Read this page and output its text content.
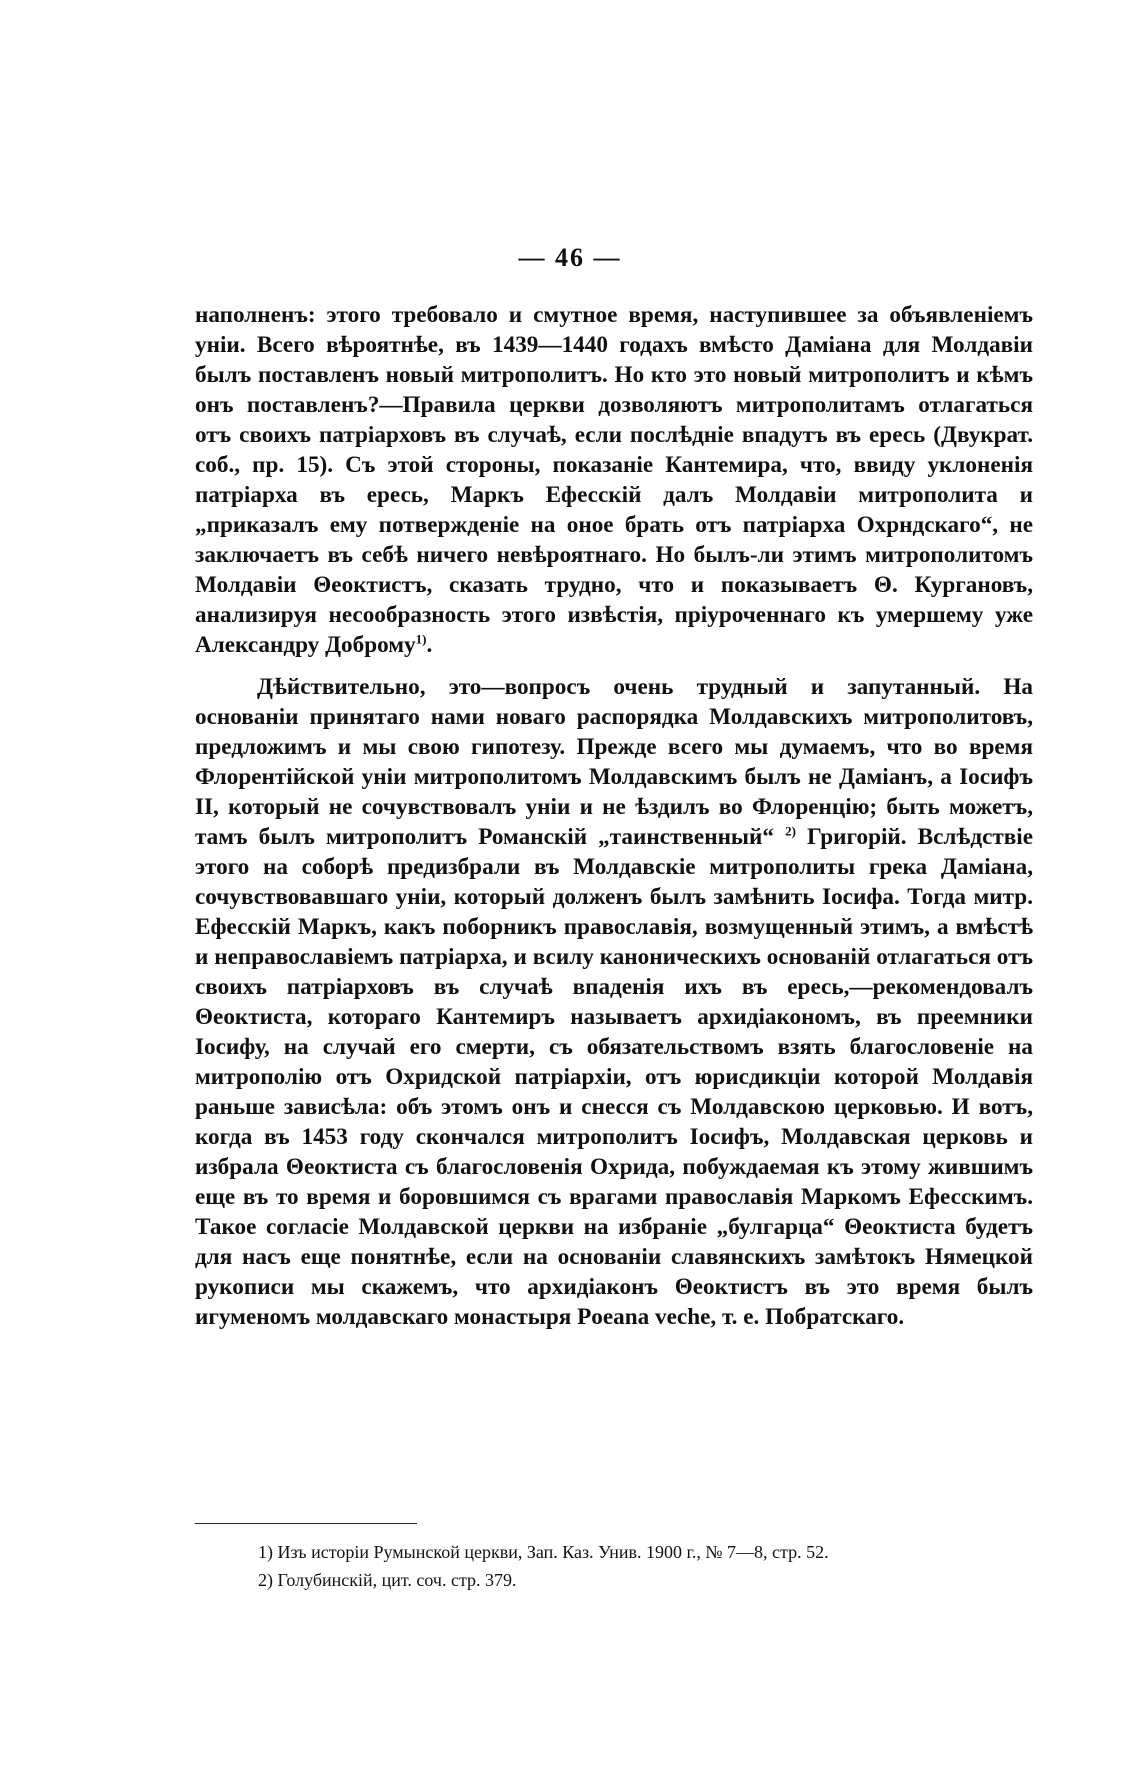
— 46 —

наполненъ: этого требовало и смутное время, наступившее за объявленіемъ уніи. Всего вѣроятнѣе, въ 1439—1440 годахъ вмѣсто Даміана для Молдавіи былъ поставленъ новый митрополитъ. Но кто это новый митрополитъ и кѣмъ онъ поставленъ?—Правила церкви дозволяютъ митрополитамъ отлагаться отъ своихъ патріарховъ въ случаѣ, если послѣдніе впадутъ въ ересь (Двукрат. соб., пр. 15). Съ этой стороны, показаніе Кантемира, что, ввиду уклоненія патріарха въ ересь, Маркъ Ефесскій далъ Молдавіи митрополита и „приказалъ ему потвержденіе на оное брать отъ патріарха Охрндскаго“, не заключаетъ въ себѣ ничего невѣроятнаго. Но былъ-ли этимъ митрополитомъ Молдавіи Θеоктистъ, сказать трудно, что и показываетъ Θ. Кургановъ, анализируя несообразность этого извѣстія, пріуроченнаго къ умершему уже Александру Доброму$^{1)}$.

Дѣйствительно, это—вопросъ очень трудный и запутанный. На основаніи принятаго нами новаго распорядка Молдавскихъ митрополитовъ, предложимъ и мы свою гипотезу. Прежде всего мы думаемъ, что во время Флорентійской уніи митрополитомъ Молдавскимъ былъ не Даміанъ, а Іосифъ II, который не сочувствовалъ уніи и не ѣздилъ во Флоренцію; быть можетъ, тамъ былъ митрополитъ Романскій „таинственный“ $^{2)}$ Григорій. Вслѣдствіе этого на соборѣ предизбрали въ Молдавскіе митрополиты грека Даміана, сочувствовавшаго уніи, который долженъ былъ замѣнить Іосифа. Тогда митр. Ефесскій Маркъ, какъ поборникъ православія, возмущенный этимъ, а вмѣстѣ и неправославіемъ патріарха, и всилу каноническихъ основаній отлагаться отъ своихъ патріарховъ въ случаѣ впаденія ихъ въ ересь,—рекомендовалъ Θеоктиста, котораго Кантемиръ называетъ архидіакономъ, въ преемники Іосифу, на случай его смерти, съ обязательствомъ взять благословеніе на митрополію отъ Охридской патріархіи, отъ юрисдикціи которой Молдавія раньше зависѣла: объ этомъ онъ и снесся съ Молдавскою церковью. И вотъ, когда въ 1453 году скончался митрополитъ Іосифъ, Молдавская церковь и избрала Θеоктиста съ благословенія Охрида, побуждаемая къ этому жившимъ еще въ то время и боровшимся съ врагами православія Маркомъ Ефесскимъ. Такое согласіе Молдавской церкви на избраніе „булгарца“ Θеоктиста будетъ для насъ еще понятнѣе, если на основаніи славянскихъ замѣтокъ Нямецкой рукописи мы скажемъ, что архидіаконъ Θеоктистъ въ это время былъ игуменомъ молдавскаго монастыря Poeana veche, т. е. Побратскаго.

1) Изъ исторіи Румынской церкви, Зап. Каз. Унив. 1900 г., № 7—8, стр. 52.
2) Голубинскій, цит. соч. стр. 379.
